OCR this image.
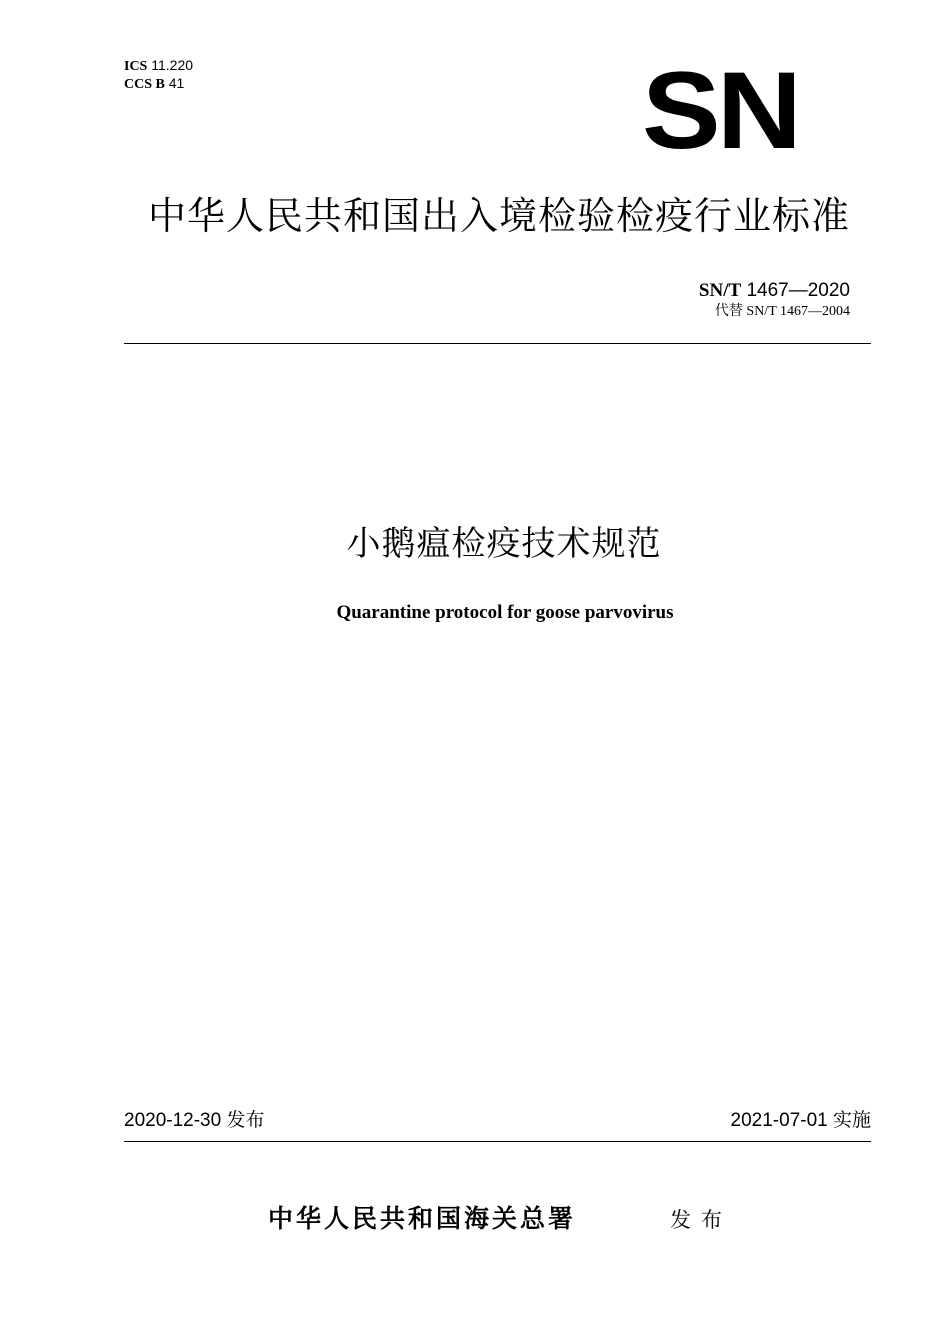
ICS 11.220
CCS B 41	SN
中华人民共和国出入境检验检疫行业标准
SN/T 1467—2020
代替 SN/T 1467—2004
小鹅瘟检疫技术规范
Quarantine protocol for goose parvovirus
2020-12-30 发布	2021-07-01 实施
中华人民共和国海关总署	发布
